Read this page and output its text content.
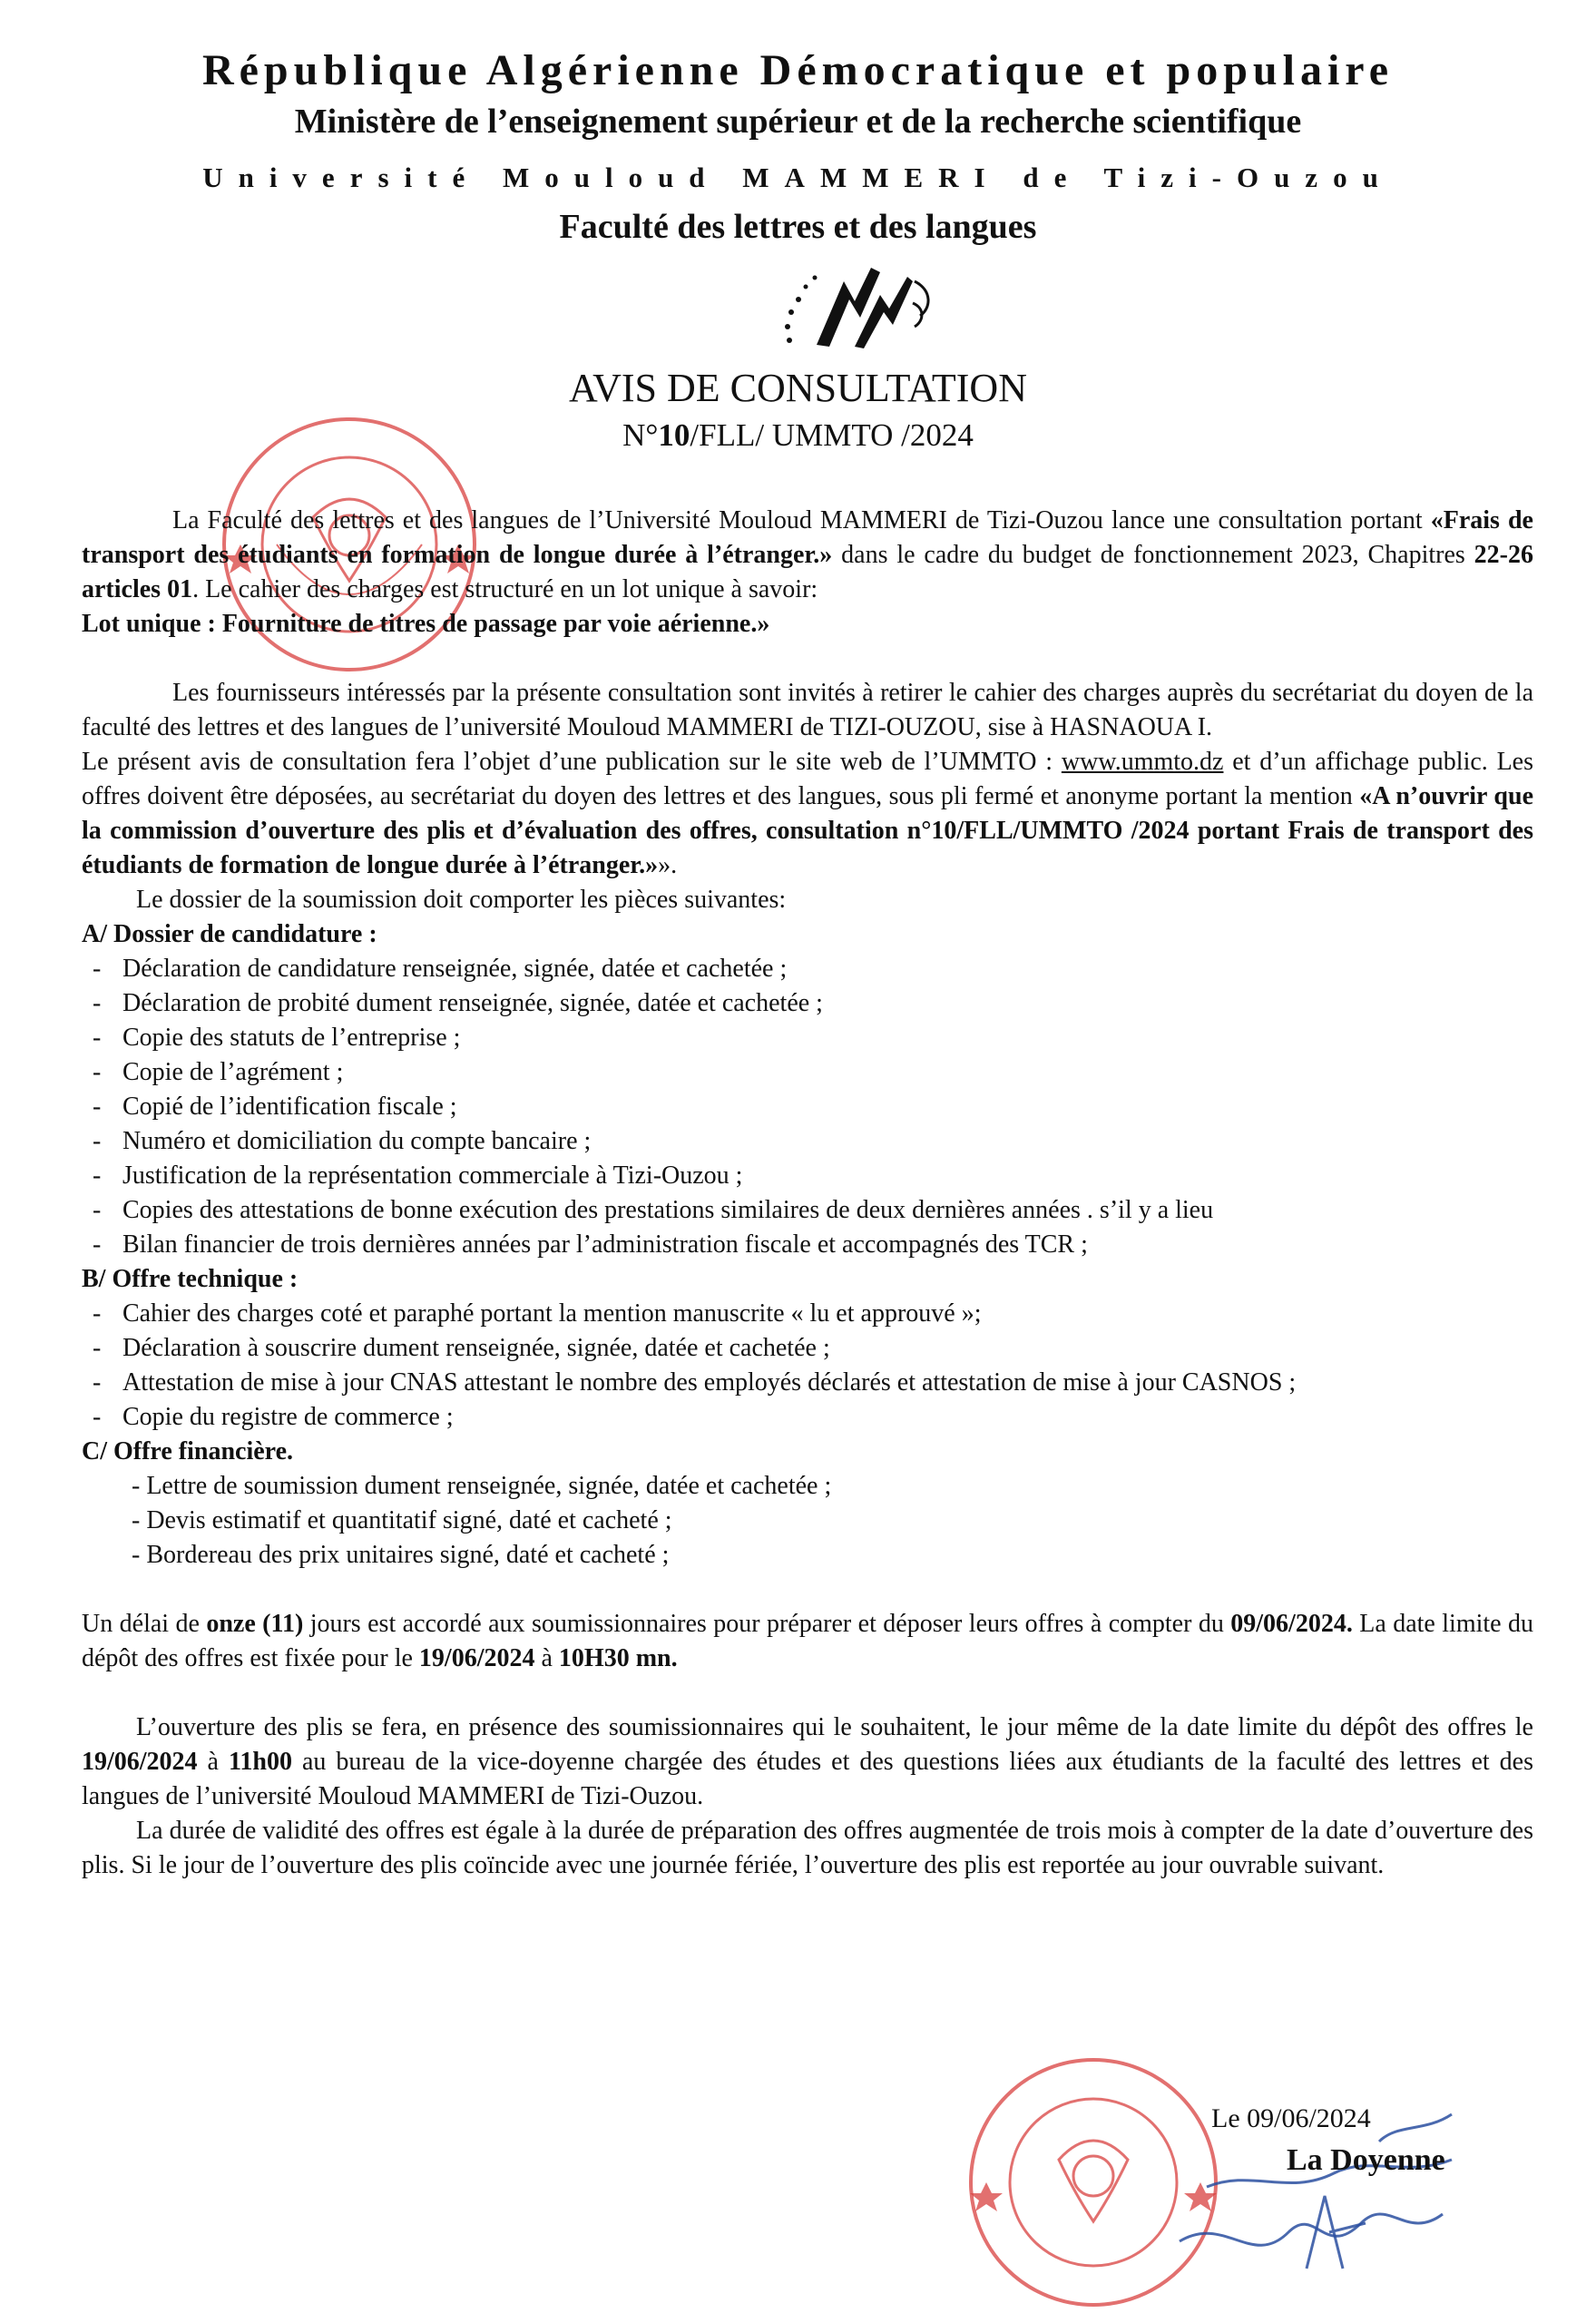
République Algérienne Démocratique et populaire
Ministère de l’enseignement supérieur et de la recherche scientifique
Université Mouloud MAMMERI de Tizi-Ouzou
Faculté des lettres et des langues
AVIS DE CONSULTATION
N°10/FLL/ UMMTO /2024

La Faculté des lettres et des langues de l’Université Mouloud MAMMERI de Tizi-Ouzou lance une consultation portant «Frais de transport des étudiants en formation de longue durée à l’étranger.» dans le cadre du budget de fonctionnement 2023, Chapitres 22-26 articles 01. Le cahier des charges est structuré en un lot unique à savoir:

Lot unique : Fourniture de titres de passage par voie aérienne.»

Les fournisseurs intéressés par la présente consultation sont invités à retirer le cahier des charges auprès du secrétariat du doyen de la faculté des lettres et des langues de l’université Mouloud MAMMERI de TIZI-OUZOU, sise à HASNAOUA I.

Le présent avis de consultation fera l’objet d’une publication sur le site web de l’UMMTO : www.ummto.dz et d’un affichage public. Les offres doivent être déposées, au secrétariat du doyen des lettres et des langues, sous pli fermé et anonyme portant la mention «A n’ouvrir que la commission d’ouverture des plis et d’évaluation des offres, consultation n°10/FLL/UMMTO /2024 portant Frais de transport des étudiants de formation de longue durée à l’étranger.»».

Le dossier de la soumission doit comporter les pièces suivantes:

A/ Dossier de candidature :

- Déclaration de candidature renseignée, signée, datée et cachetée ;
- Déclaration de probité dument renseignée, signée, datée et cachetée ;
- Copie des statuts de l’entreprise ;
- Copie de l’agrément ;
- Copié de l’identification fiscale ;
- Numéro et domiciliation du compte bancaire ;
- Justification de la représentation commerciale à Tizi-Ouzou ;
- Copies des attestations de bonne exécution des prestations similaires de deux dernières années . s’il y a lieu
- Bilan financier de trois dernières années par l’administration fiscale et accompagnés des TCR ;

B/ Offre technique :

- Cahier des charges coté et paraphé portant la mention manuscrite « lu et approuvé »;
- Déclaration à souscrire dument renseignée, signée, datée et cachetée ;
- Attestation de mise à jour CNAS attestant le nombre des employés déclarés et attestation de mise à jour CASNOS ;
- Copie du registre de commerce ;

C/ Offre financière.

- Lettre de soumission dument renseignée, signée, datée et cachetée ;
- Devis estimatif et quantitatif signé, daté et cacheté ;
- Bordereau des prix unitaires signé, daté et cacheté ;

Un délai de onze (11) jours est accordé aux soumissionnaires pour préparer et déposer leurs offres à compter du 09/06/2024. La date limite du dépôt des offres est fixée pour le 19/06/2024 à 10H30 mn.

L’ouverture des plis se fera, en présence des soumissionnaires qui le souhaitent, le jour même de la date limite du dépôt des offres le 19/06/2024 à 11h00 au bureau de la vice-doyenne chargée des études et des questions liées aux étudiants de la faculté des lettres et des langues de l’université Mouloud MAMMERI de Tizi-Ouzou.

La durée de validité des offres est égale à la durée de préparation des offres augmentée de trois mois à compter de la date d’ouverture des plis. Si le jour de l’ouverture des plis coïncide avec une journée fériée, l’ouverture des plis est reportée au jour ouvrable suivant.

Le 09/06/2024
La Doyenne
